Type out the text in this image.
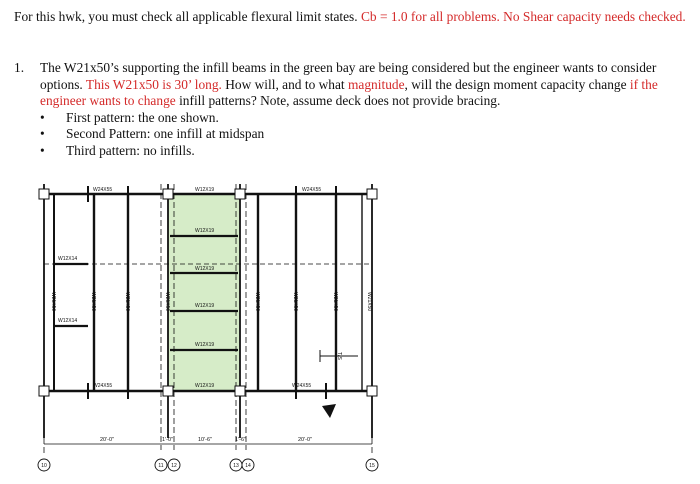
For this hwk, you must check all applicable flexural limit states. Cb = 1.0 for all problems. No Shear capacity needs checked.
1. The W21x50’s supporting the infill beams in the green bay are being considered but the engineer wants to consider options. This W21x50 is 30’ long. How will, and to what magnitude, will the design moment capacity change if the engineer wants to change infill patterns? Note, assume deck does not provide bracing.
• First pattern: the one shown.
• Second Pattern: one infill at midspan
• Third pattern: no infills.
W24X55	W12X19	W24X55
W24X55	W12X19	W24X55
W12X14
W12X14
W12X19
W12X19
W12X19
W12X19
W21X50	W21X50	W21X50	W21X50	W21X50	W21X50	W21X50	W21X50
T/S
20'-0"	1'-0"	10'-6"	1'-6"	20'-0"
10	11 12	13 14	15
